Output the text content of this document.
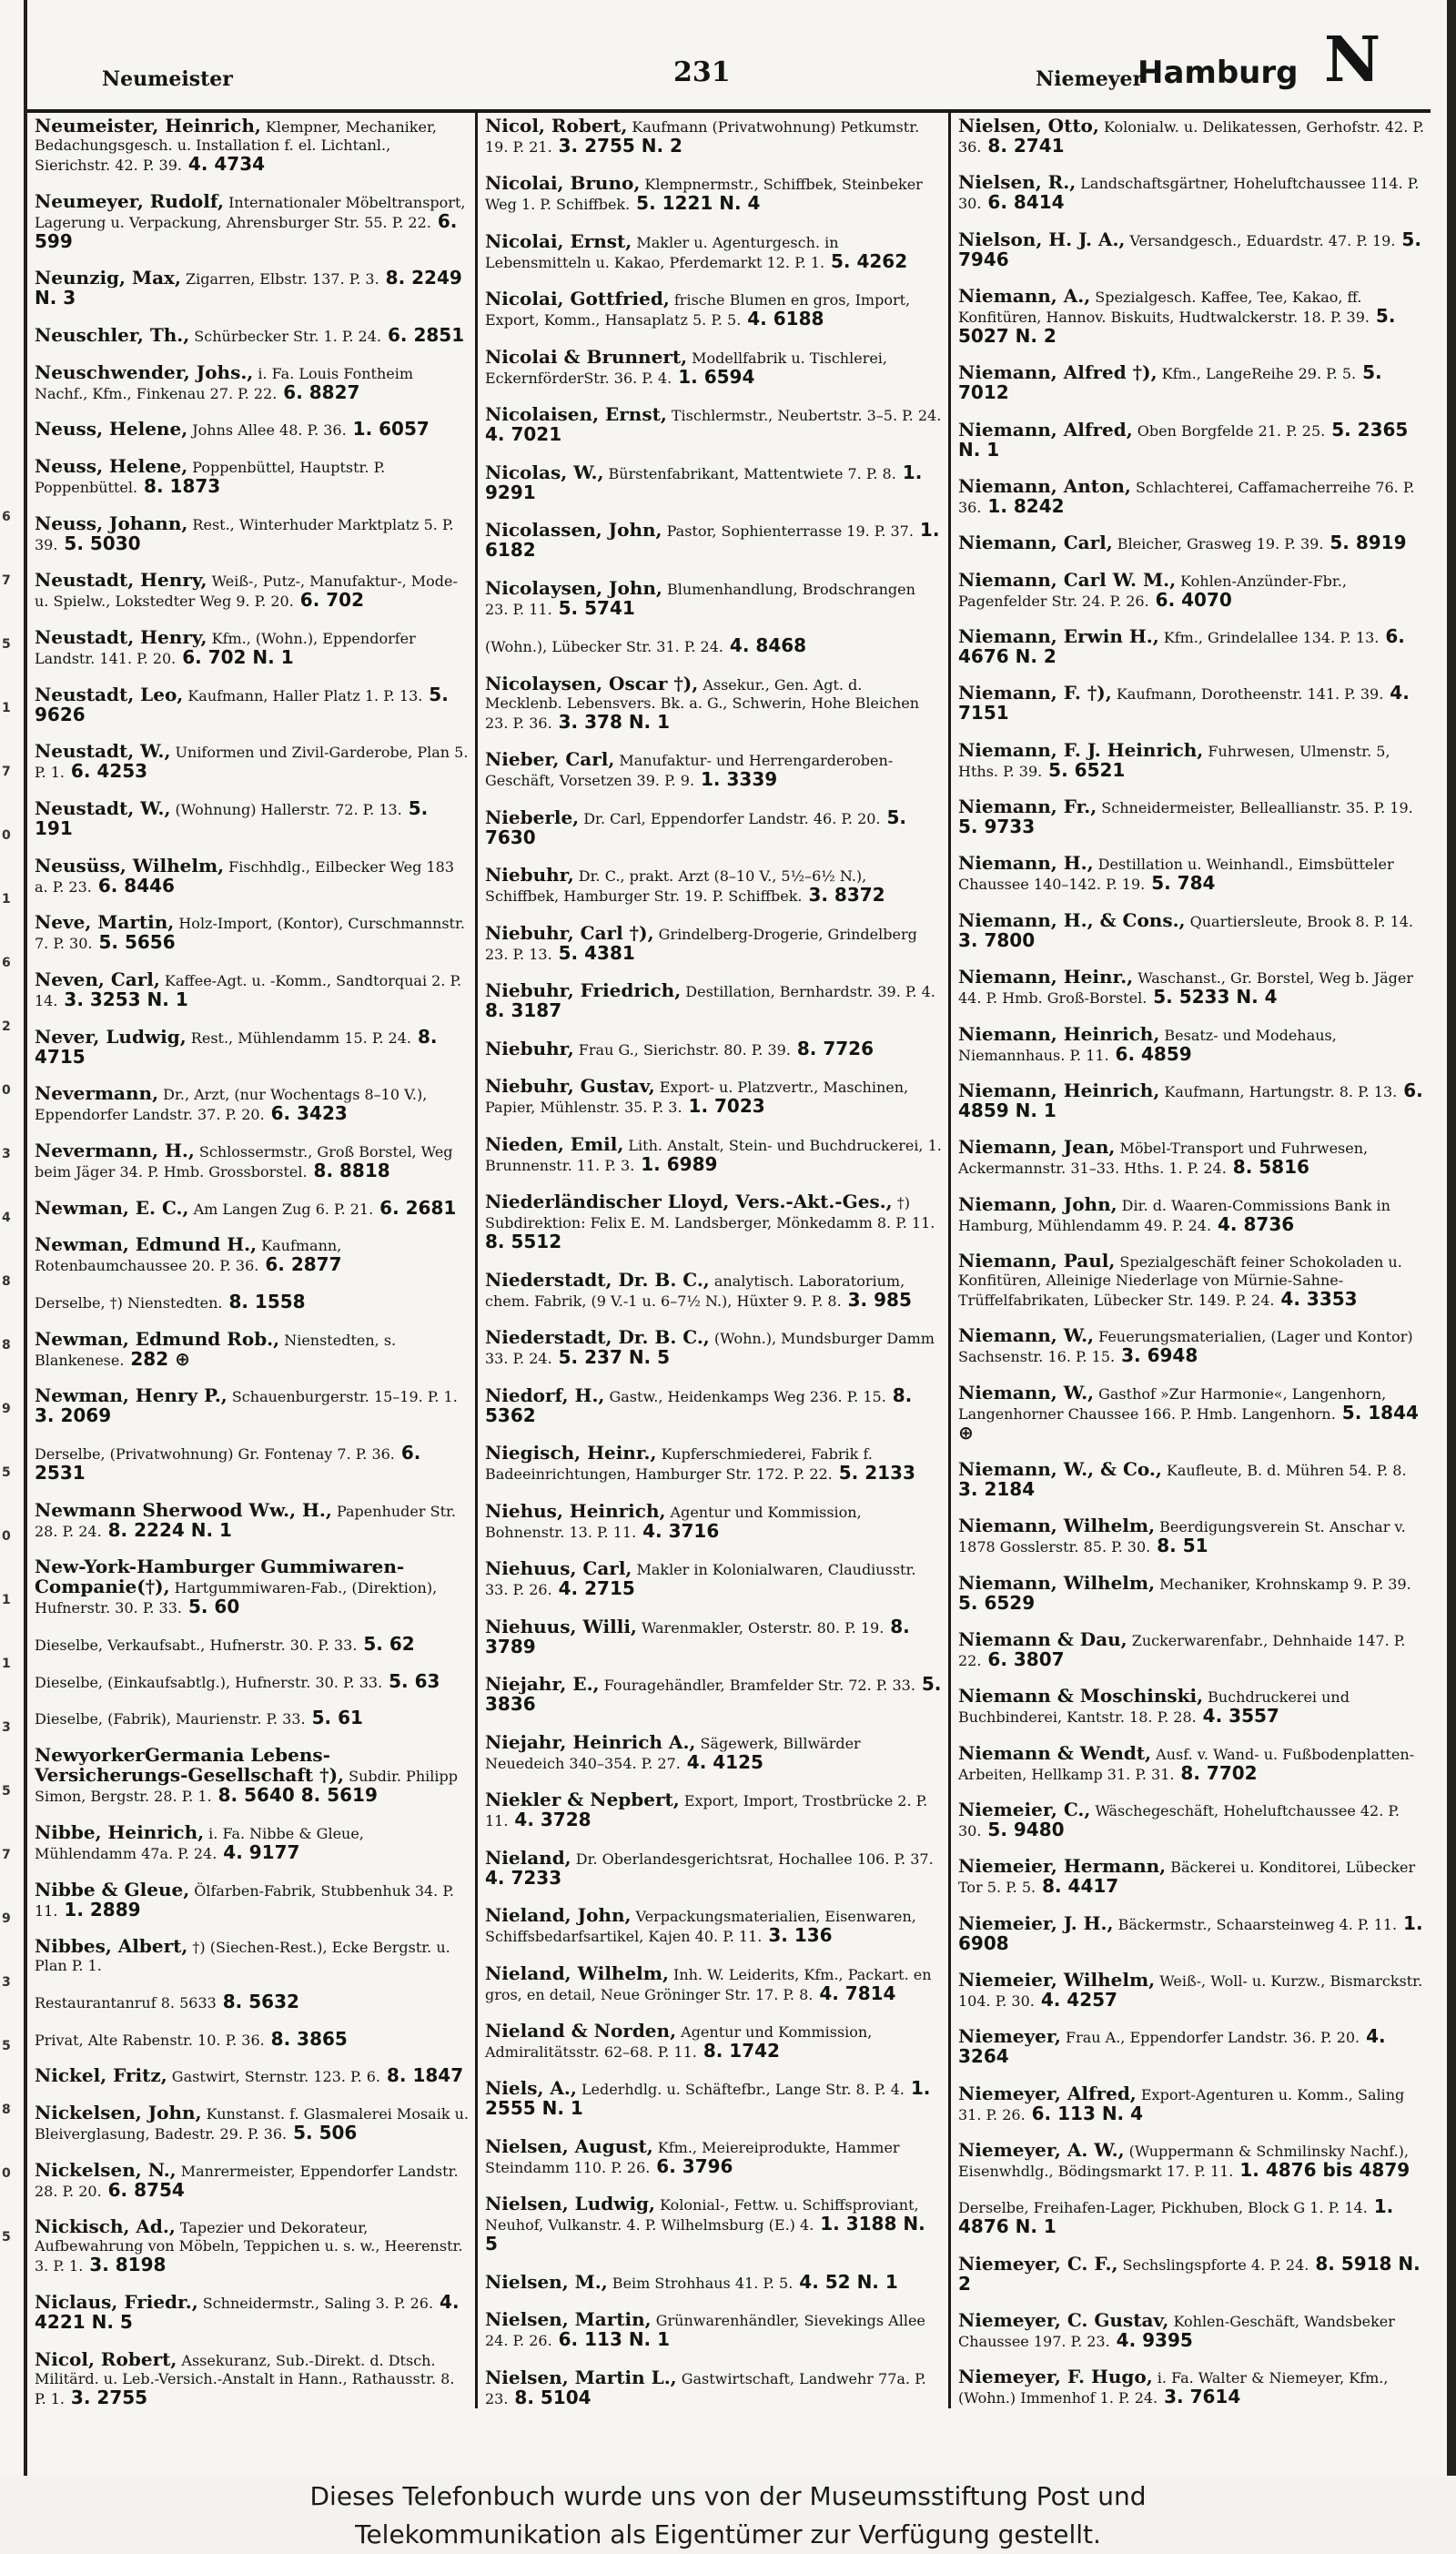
6
7
5
1
7
0
1
6
2
0
3
4
8
8
9
5
0
1
1
3
5
7
9
3
5
8
0
5
Neumeister	231	Niemeyer
Hamburg N
Neumeister, Heinrich, Klempner, Mechaniker, Bedachungsgesch. u. Installation f. el. Lichtanl., Sierichstr. 42. P. 39. 4. 4734
Neumeyer, Rudolf, Internationaler Möbeltransport, Lagerung u. Verpackung, Ahrensburger Str. 55. P. 22. 6. 599
Neunzig, Max, Zigarren, Elbstr. 137. P. 3. 8. 2249 N. 3
Neuschler, Th., Schürbecker Str. 1. P. 24. 6. 2851
Neuschwender, Johs., i. Fa. Louis Fontheim Nachf., Kfm., Finkenau 27. P. 22. 6. 8827
Neuss, Helene, Johns Allee 48. P. 36. 1. 6057
Neuss, Helene, Poppenbüttel, Hauptstr. P. Poppenbüttel. 8. 1873
Neuss, Johann, Rest., Winterhuder Marktplatz 5. P. 39. 5. 5030
Neustadt, Henry, Weiß-, Putz-, Manufaktur-, Mode- u. Spielw., Lokstedter Weg 9. P. 20. 6. 702
Neustadt, Henry, Kfm., (Wohn.), Eppendorfer Landstr. 141. P. 20. 6. 702 N. 1
Neustadt, Leo, Kaufmann, Haller Platz 1. P. 13. 5. 9626
Neustadt, W., Uniformen und Zivil-Garderobe, Plan 5. P. 1. 6. 4253
Neustadt, W., (Wohnung) Hallerstr. 72. P. 13. 5. 191
Neusüss, Wilhelm, Fischhdlg., Eilbecker Weg 183 a. P. 23. 6. 8446
Neve, Martin, Holz-Import, (Kontor), Curschmannstr. 7. P. 30. 5. 5656
Neven, Carl, Kaffee-Agt. u. -Komm., Sandtorquai 2. P. 14. 3. 3253 N. 1
Never, Ludwig, Rest., Mühlendamm 15. P. 24. 8. 4715
Nevermann, Dr., Arzt, (nur Wochentags 8–10 V.), Eppendorfer Landstr. 37. P. 20. 6. 3423
Nevermann, H., Schlossermstr., Groß Borstel, Weg beim Jäger 34. P. Hmb. Grossborstel. 8. 8818
Newman, E. C., Am Langen Zug 6. P. 21. 6. 2681
Newman, Edmund H., Kaufmann, Rotenbaumchaussee 20. P. 36. 6. 2877
Derselbe, †) Nienstedten. 8. 1558
Newman, Edmund Rob., Nienstedten, s. Blankenese. 282 ⊕
Newman, Henry P., Schauenburgerstr. 15–19. P. 1. 3. 2069
Derselbe, (Privatwohnung) Gr. Fontenay 7. P. 36. 6. 2531
Newmann Sherwood Ww., H., Papenhuder Str. 28. P. 24. 8. 2224 N. 1
New-York-Hamburger Gummiwaren-Companie(†), Hartgummiwaren-Fab., (Direktion), Hufnerstr. 30. P. 33. 5. 60
Dieselbe, Verkaufsabt., Hufnerstr. 30. P. 33. 5. 62
Dieselbe, (Einkaufsabtlg.), Hufnerstr. 30. P. 33. 5. 63
Dieselbe, (Fabrik), Maurienstr. P. 33. 5. 61
NewyorkerGermania Lebens-Versicherungs-Gesellschaft †), Subdir. Philipp Simon, Bergstr. 28. P. 1. 8. 5640 8. 5619
Nibbe, Heinrich, i. Fa. Nibbe & Gleue, Mühlendamm 47a. P. 24. 4. 9177
Nibbe & Gleue, Ölfarben-Fabrik, Stubbenhuk 34. P. 11. 1. 2889
Nibbes, Albert, †) (Siechen-Rest.), Ecke Bergstr. u. Plan P. 1.
Restaurantanruf 8. 5633 8. 5632
Privat, Alte Rabenstr. 10. P. 36. 8. 3865
Nickel, Fritz, Gastwirt, Sternstr. 123. P. 6. 8. 1847
Nickelsen, John, Kunstanst. f. Glasmalerei Mosaik u. Bleiverglasung, Badestr. 29. P. 36. 5. 506
Nickelsen, N., Manrermeister, Eppendorfer Landstr. 28. P. 20. 6. 8754
Nickisch, Ad., Tapezier und Dekorateur, Aufbewahrung von Möbeln, Teppichen u. s. w., Heerenstr. 3. P. 1. 3. 8198
Niclaus, Friedr., Schneidermstr., Saling 3. P. 26. 4. 4221 N. 5
Nicol, Robert, Assekuranz, Sub.-Direkt. d. Dtsch. Militärd. u. Leb.-Versich.-Anstalt in Hann., Rathausstr. 8. P. 1. 3. 2755
Nicol, Robert, Kaufmann (Privatwohnung) Petkumstr. 19. P. 21. 3. 2755 N. 2
Nicolai, Bruno, Klempnermstr., Schiffbek, Steinbeker Weg 1. P. Schiffbek. 5. 1221 N. 4
Nicolai, Ernst, Makler u. Agenturgesch. in Lebensmitteln u. Kakao, Pferdemarkt 12. P. 1. 5. 4262
Nicolai, Gottfried, frische Blumen en gros, Import, Export, Komm., Hansaplatz 5. P. 5. 4. 6188
Nicolai & Brunnert, Modellfabrik u. Tischlerei, EckernförderStr. 36. P. 4. 1. 6594
Nicolaisen, Ernst, Tischlermstr., Neubertstr. 3–5. P. 24. 4. 7021
Nicolas, W., Bürstenfabrikant, Mattentwiete 7. P. 8. 1. 9291
Nicolassen, John, Pastor, Sophienterrasse 19. P. 37. 1. 6182
Nicolaysen, John, Blumenhandlung, Brodschrangen 23. P. 11. 5. 5741
(Wohn.), Lübecker Str. 31. P. 24. 4. 8468
Nicolaysen, Oscar †), Assekur., Gen. Agt. d. Mecklenb. Lebensvers. Bk. a. G., Schwerin, Hohe Bleichen 23. P. 36. 3. 378 N. 1
Nieber, Carl, Manufaktur- und Herrengarderoben-Geschäft, Vorsetzen 39. P. 9. 1. 3339
Nieberle, Dr. Carl, Eppendorfer Landstr. 46. P. 20. 5. 7630
Niebuhr, Dr. C., prakt. Arzt (8–10 V., 5½–6½ N.), Schiffbek, Hamburger Str. 19. P. Schiffbek. 3. 8372
Niebuhr, Carl †), Grindelberg-Drogerie, Grindelberg 23. P. 13. 5. 4381
Niebuhr, Friedrich, Destillation, Bernhardstr. 39. P. 4. 8. 3187
Niebuhr, Frau G., Sierichstr. 80. P. 39. 8. 7726
Niebuhr, Gustav, Export- u. Platzvertr., Maschinen, Papier, Mühlenstr. 35. P. 3. 1. 7023
Nieden, Emil, Lith. Anstalt, Stein- und Buchdruckerei, 1. Brunnenstr. 11. P. 3. 1. 6989
Niederländischer Lloyd, Vers.-Akt.-Ges., †) Subdirektion: Felix E. M. Landsberger, Mönkedamm 8. P. 11. 8. 5512
Niederstadt, Dr. B. C., analytisch. Laboratorium, chem. Fabrik, (9 V.-1 u. 6–7½ N.), Hüxter 9. P. 8. 3. 985
Niederstadt, Dr. B. C., (Wohn.), Mundsburger Damm 33. P. 24. 5. 237 N. 5
Niedorf, H., Gastw., Heidenkamps Weg 236. P. 15. 8. 5362
Niegisch, Heinr., Kupferschmiederei, Fabrik f. Badeeinrichtungen, Hamburger Str. 172. P. 22. 5. 2133
Niehus, Heinrich, Agentur und Kommission, Bohnenstr. 13. P. 11. 4. 3716
Niehuus, Carl, Makler in Kolonialwaren, Claudiusstr. 33. P. 26. 4. 2715
Niehuus, Willi, Warenmakler, Osterstr. 80. P. 19. 8. 3789
Niejahr, E., Fouragehändler, Bramfelder Str. 72. P. 33. 5. 3836
Niejahr, Heinrich A., Sägewerk, Billwärder Neuedeich 340–354. P. 27. 4. 4125
Niekler & Nepbert, Export, Import, Trostbrücke 2. P. 11. 4. 3728
Nieland, Dr. Oberlandesgerichtsrat, Hochallee 106. P. 37. 4. 7233
Nieland, John, Verpackungsmaterialien, Eisenwaren, Schiffsbedarfsartikel, Kajen 40. P. 11. 3. 136
Nieland, Wilhelm, Inh. W. Leiderits, Kfm., Packart. en gros, en detail, Neue Gröninger Str. 17. P. 8. 4. 7814
Nieland & Norden, Agentur und Kommission, Admiralitätsstr. 62–68. P. 11. 8. 1742
Niels, A., Lederhdlg. u. Schäftefbr., Lange Str. 8. P. 4. 1. 2555 N. 1
Nielsen, August, Kfm., Meiereiprodukte, Hammer Steindamm 110. P. 26. 6. 3796
Nielsen, Ludwig, Kolonial-, Fettw. u. Schiffsproviant, Neuhof, Vulkanstr. 4. P. Wilhelmsburg (E.) 4. 1. 3188 N. 5
Nielsen, M., Beim Strohhaus 41. P. 5. 4. 52 N. 1
Nielsen, Martin, Grünwarenhändler, Sievekings Allee 24. P. 26. 6. 113 N. 1
Nielsen, Martin L., Gastwirtschaft, Landwehr 77a. P. 23. 8. 5104
Nielsen, Otto, Kolonialw. u. Delikatessen, Gerhofstr. 42. P. 36. 8. 2741
Nielsen, R., Landschaftsgärtner, Hoheluftchaussee 114. P. 30. 6. 8414
Nielson, H. J. A., Versandgesch., Eduardstr. 47. P. 19. 5. 7946
Niemann, A., Spezialgesch. Kaffee, Tee, Kakao, ff. Konfitüren, Hannov. Biskuits, Hudtwalckerstr. 18. P. 39. 5. 5027 N. 2
Niemann, Alfred †), Kfm., LangeReihe 29. P. 5. 5. 7012
Niemann, Alfred, Oben Borgfelde 21. P. 25. 5. 2365 N. 1
Niemann, Anton, Schlachterei, Caffamacherreihe 76. P. 36. 1. 8242
Niemann, Carl, Bleicher, Grasweg 19. P. 39. 5. 8919
Niemann, Carl W. M., Kohlen-Anzünder-Fbr., Pagenfelder Str. 24. P. 26. 6. 4070
Niemann, Erwin H., Kfm., Grindelallee 134. P. 13. 6. 4676 N. 2
Niemann, F. †), Kaufmann, Dorotheenstr. 141. P. 39. 4. 7151
Niemann, F. J. Heinrich, Fuhrwesen, Ulmenstr. 5, Hths. P. 39. 5. 6521
Niemann, Fr., Schneidermeister, Belleallianstr. 35. P. 19. 5. 9733
Niemann, H., Destillation u. Weinhandl., Eimsbütteler Chaussee 140–142. P. 19. 5. 784
Niemann, H., & Cons., Quartiersleute, Brook 8. P. 14. 3. 7800
Niemann, Heinr., Waschanst., Gr. Borstel, Weg b. Jäger 44. P. Hmb. Groß-Borstel. 5. 5233 N. 4
Niemann, Heinrich, Besatz- und Modehaus, Niemannhaus. P. 11. 6. 4859
Niemann, Heinrich, Kaufmann, Hartungstr. 8. P. 13. 6. 4859 N. 1
Niemann, Jean, Möbel-Transport und Fuhrwesen, Ackermannstr. 31–33. Hths. 1. P. 24. 8. 5816
Niemann, John, Dir. d. Waaren-Commissions Bank in Hamburg, Mühlendamm 49. P. 24. 4. 8736
Niemann, Paul, Spezialgeschäft feiner Schokoladen u. Konfitüren, Alleinige Niederlage von Mürnie-Sahne-Trüffelfabrikaten, Lübecker Str. 149. P. 24. 4. 3353
Niemann, W., Feuerungsmaterialien, (Lager und Kontor) Sachsenstr. 16. P. 15. 3. 6948
Niemann, W., Gasthof »Zur Harmonie«, Langenhorn, Langenhorner Chaussee 166. P. Hmb. Langenhorn. 5. 1844 ⊕
Niemann, W., & Co., Kaufleute, B. d. Mühren 54. P. 8. 3. 2184
Niemann, Wilhelm, Beerdigungsverein St. Anschar v. 1878 Gosslerstr. 85. P. 30. 8. 51
Niemann, Wilhelm, Mechaniker, Krohnskamp 9. P. 39. 5. 6529
Niemann & Dau, Zuckerwarenfabr., Dehnhaide 147. P. 22. 6. 3807
Niemann & Moschinski, Buchdruckerei und Buchbinderei, Kantstr. 18. P. 28. 4. 3557
Niemann & Wendt, Ausf. v. Wand- u. Fußbodenplatten-Arbeiten, Hellkamp 31. P. 31. 8. 7702
Niemeier, C., Wäschegeschäft, Hoheluftchaussee 42. P. 30. 5. 9480
Niemeier, Hermann, Bäckerei u. Konditorei, Lübecker Tor 5. P. 5. 8. 4417
Niemeier, J. H., Bäckermstr., Schaarsteinweg 4. P. 11. 1. 6908
Niemeier, Wilhelm, Weiß-, Woll- u. Kurzw., Bismarckstr. 104. P. 30. 4. 4257
Niemeyer, Frau A., Eppendorfer Landstr. 36. P. 20. 4. 3264
Niemeyer, Alfred, Export-Agenturen u. Komm., Saling 31. P. 26. 6. 113 N. 4
Niemeyer, A. W., (Wuppermann & Schmilinsky Nachf.), Eisenwhdlg., Bödingsmarkt 17. P. 11. 1. 4876 bis 4879
Derselbe, Freihafen-Lager, Pickhuben, Block G 1. P. 14. 1. 4876 N. 1
Niemeyer, C. F., Sechslingspforte 4. P. 24. 8. 5918 N. 2
Niemeyer, C. Gustav, Kohlen-Geschäft, Wandsbeker Chaussee 197. P. 23. 4. 9395
Niemeyer, F. Hugo, i. Fa. Walter & Niemeyer, Kfm., (Wohn.) Immenhof 1. P. 24. 3. 7614
Dieses Telefonbuch wurde uns von der Museumsstiftung Post und
Telekommunikation als Eigentümer zur Verfügung gestellt.
